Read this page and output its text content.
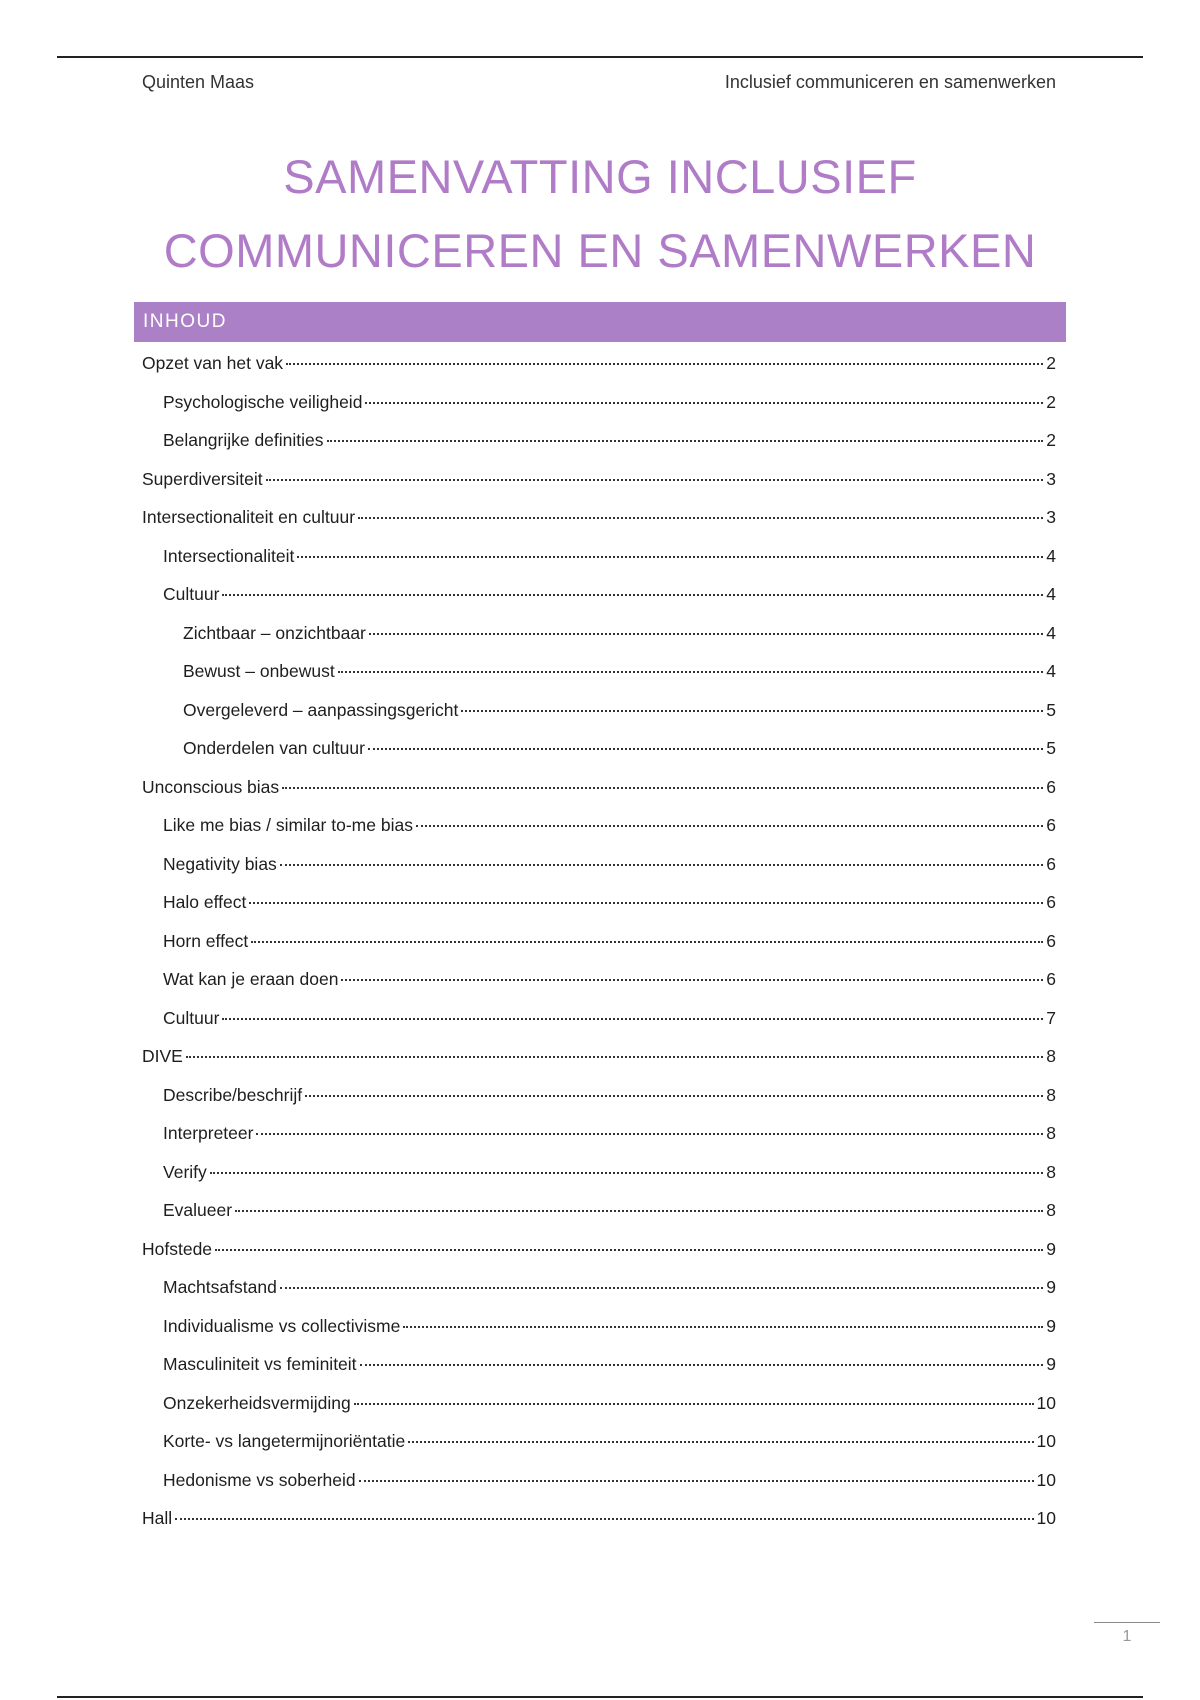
Quinten Maas	Inclusief communiceren en samenwerken
SAMENVATTING INCLUSIEF
COMMUNICEREN EN SAMENWERKEN
INHOUD
Opzet van het vak	2
Psychologische veiligheid	2
Belangrijke definities	2
Superdiversiteit	3
Intersectionaliteit en cultuur	3
Intersectionaliteit	4
Cultuur	4
Zichtbaar – onzichtbaar	4
Bewust – onbewust	4
Overgeleverd – aanpassingsgericht	5
Onderdelen van cultuur	5
Unconscious bias	6
Like me bias / similar to-me bias	6
Negativity bias	6
Halo effect	6
Horn effect	6
Wat kan je eraan doen	6
Cultuur	7
DIVE	8
Describe/beschrijf	8
Interpreteer	8
Verify	8
Evalueer	8
Hofstede	9
Machtsafstand	9
Individualisme vs collectivisme	9
Masculiniteit vs feminiteit	9
Onzekerheidsvermijding	10
Korte- vs langetermijnoriëntatie	10
Hedonisme vs soberheid	10
Hall	10
1
